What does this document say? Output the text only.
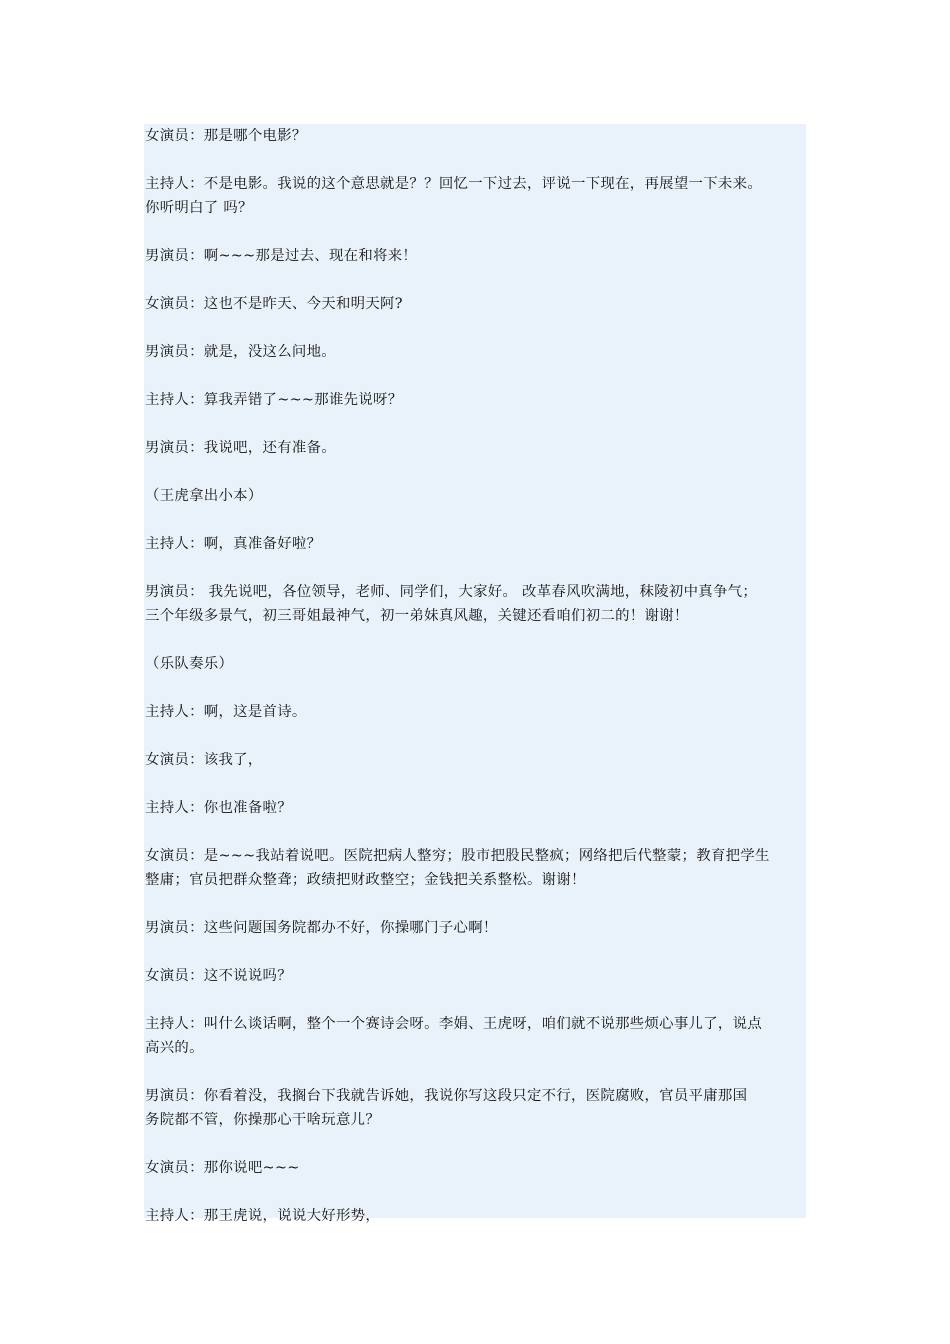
女演员：那是哪个电影？
主持人：不是电影。我说的这个意思就是？？回忆一下过去，评说一下现在，再展望一下未来。
你听明白了 吗？
男演员：啊~~~那是过去、现在和将来！
女演员：这也不是昨天、今天和明天阿?
男演员：就是，没这么问地。
主持人：算我弄错了~~~那谁先说呀？
男演员：我说吧，还有准备。
（王虎拿出小本）
主持人：啊，真准备好啦？
男演员： 我先说吧，各位领导，老师、同学们，大家好。 改革春风吹满地，秣陵初中真争气；
三个年级多景气，初三哥姐最神气，初一弟妹真风趣，关键还看咱们初二的！谢谢！
（乐队奏乐）
主持人：啊，这是首诗。
女演员：该我了，
主持人：你也准备啦？
女演员：是~~~我站着说吧。医院把病人整穷；股市把股民整疯；网络把后代整蒙；教育把学生
整庸；官员把群众整聋；政绩把财政整空；金钱把关系整松。谢谢！
男演员：这些问题国务院都办不好，你操哪门子心啊！
女演员：这不说说吗？
主持人：叫什么谈话啊，整个一个赛诗会呀。李娟、王虎呀，咱们就不说那些烦心事儿了，说点
高兴的。
男演员：你看着没，我搁台下我就告诉她，我说你写这段只定不行，医院腐败，官员平庸那国
务院都不管，你操那心干啥玩意儿？
女演员：那你说吧~~~
主持人：那王虎说，说说大好形势，
